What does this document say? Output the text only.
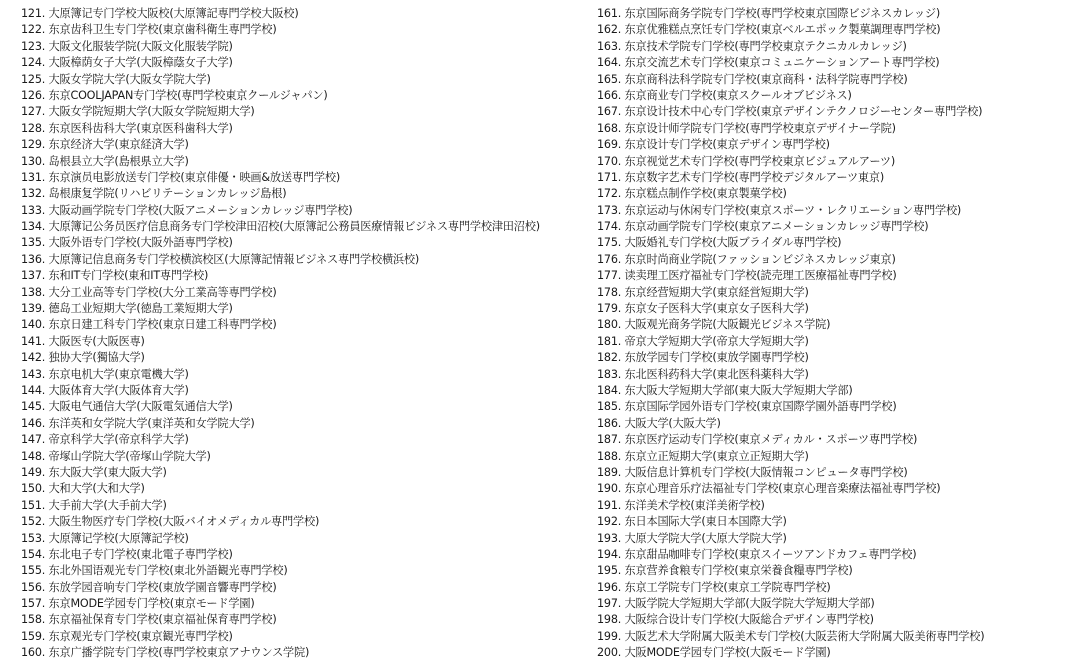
121. 大原簿记专门学校大阪校(大原簿記専門学校大阪校)
122. 东京齿科卫生专门学校(東京歯科衛生専門学校)
123. 大阪文化服装学院(大阪文化服装学院)
124. 大阪樟荫女子大学(大阪樟蔭女子大学)
125. 大阪女学院大学(大阪女学院大学)
126. 东京COOLJAPAN专门学校(専門学校東京クールジャパン)
127. 大阪女学院短期大学(大阪女学院短期大学)
128. 东京医科齿科大学(東京医科歯科大学)
129. 东京经济大学(東京経済大学)
130. 岛根县立大学(島根県立大学)
131. 东京演员电影放送专门学校(東京俳優・映画&放送専門学校)
132. 岛根康复学院(リハビリテーションカレッジ島根)
133. 大阪动画学院专门学校(大阪アニメーションカレッジ専門学校)
134. 大原簿记公务员医疗信息商务专门学校津田沼校(大原簿記公務員医療情報ビジネス専門学校津田沼校)
135. 大阪外语专门学校(大阪外語専門学校)
136. 大原簿记信息商务专门学校横滨校区(大原簿記情報ビジネス専門学校横浜校)
137. 东和IT专门学校(東和IT専門学校)
138. 大分工业高等专门学校(大分工業高等専門学校)
139. 德岛工业短期大学(徳島工業短期大学)
140. 东京日建工科专门学校(東京日建工科専門学校)
141. 大阪医专(大阪医専)
142. 独协大学(獨協大学)
143. 东京电机大学(東京電機大学)
144. 大阪体育大学(大阪体育大学)
145. 大阪电气通信大学(大阪電気通信大学)
146. 东洋英和女学院大学(東洋英和女学院大学)
147. 帝京科学大学(帝京科学大学)
148. 帝塚山学院大学(帝塚山学院大学)
149. 东大阪大学(東大阪大学)
150. 大和大学(大和大学)
151. 大手前大学(大手前大学)
152. 大阪生物医疗专门学校(大阪バイオメディカル専門学校)
153. 大原簿记学校(大原簿記学校)
154. 东北电子专门学校(東北電子専門学校)
155. 东北外国语观光专门学校(東北外語観光専門学校)
156. 东放学园音响专门学校(東放学園音響専門学校)
157. 东京MODE学园专门学校(東京モード学園)
158. 东京福祉保育专门学校(東京福祉保育専門学校)
159. 东京观光专门学校(東京観光専門学校)
160. 东京广播学院专门学校(専門学校東京アナウンス学院)
161. 东京国际商务学院专门学校(専門学校東京国際ビジネスカレッジ)
162. 东京优雅糕点烹饪专门学校(東京ベルエポック製菓調理専門学校)
163. 东京技术学院专门学校(専門学校東京テクニカルカレッジ)
164. 东京交流艺术专门学校(東京コミュニケーションアート専門学校)
165. 东京商科法科学院专门学校(東京商科・法科学院専門学校)
166. 东京商业专门学校(東京スクールオブビジネス)
167. 东京设计技术中心专门学校(東京デザインテクノロジーセンター専門学校)
168. 东京设计师学院专门学校(専門学校東京デザイナー学院)
169. 东京设计专门学校(東京デザイン専門学校)
170. 东京视觉艺术专门学校(専門学校東京ビジュアルアーツ)
171. 东京数字艺术专门学校(専門学校デジタルアーツ東京)
172. 东京糕点制作学校(東京製菓学校)
173. 东京运动与休闲专门学校(東京スポーツ・レクリエーション専門学校)
174. 东京动画学院专门学校(東京アニメーションカレッジ専門学校)
175. 大阪婚礼专门学校(大阪ブライダル専門学校)
176. 东京时尚商业学院(ファッションビジネスカレッジ東京)
177. 读卖理工医疗福祉专门学校(読売理工医療福祉専門学校)
178. 东京经营短期大学(東京経営短期大学)
179. 东京女子医科大学(東京女子医科大学)
180. 大阪观光商务学院(大阪観光ビジネス学院)
181. 帝京大学短期大学(帝京大学短期大学)
182. 东放学园专门学校(東放学園専門学校)
183. 东北医科药科大学(東北医科薬科大学)
184. 东大阪大学短期大学部(東大阪大学短期大学部)
185. 东京国际学园外语专门学校(東京国際学園外語専門学校)
186. 大阪大学(大阪大学)
187. 东京医疗运动专门学校(東京メディカル・スポーツ専門学校)
188. 东京立正短期大学(東京立正短期大学)
189. 大阪信息计算机专门学校(大阪情報コンピュータ専門学校)
190. 东京心理音乐疗法福祉专门学校(東京心理音楽療法福祉専門学校)
191. 东洋美术学校(東洋美術学校)
192. 东日本国际大学(東日本国際大学)
193. 大原大学院大学(大原大学院大学)
194. 东京甜品咖啡专门学校(東京スイーツアンドカフェ専門学校)
195. 东京营养食粮专门学校(東京栄養食糧専門学校)
196. 东京工学院专门学校(東京工学院専門学校)
197. 大阪学院大学短期大学部(大阪学院大学短期大学部)
198. 大阪综合设计专门学校(大阪総合デザイン専門学校)
199. 大阪艺术大学附属大阪美术专门学校(大阪芸術大学附属大阪美術専門学校)
200. 大阪MODE学园专门学校(大阪モード学園)
